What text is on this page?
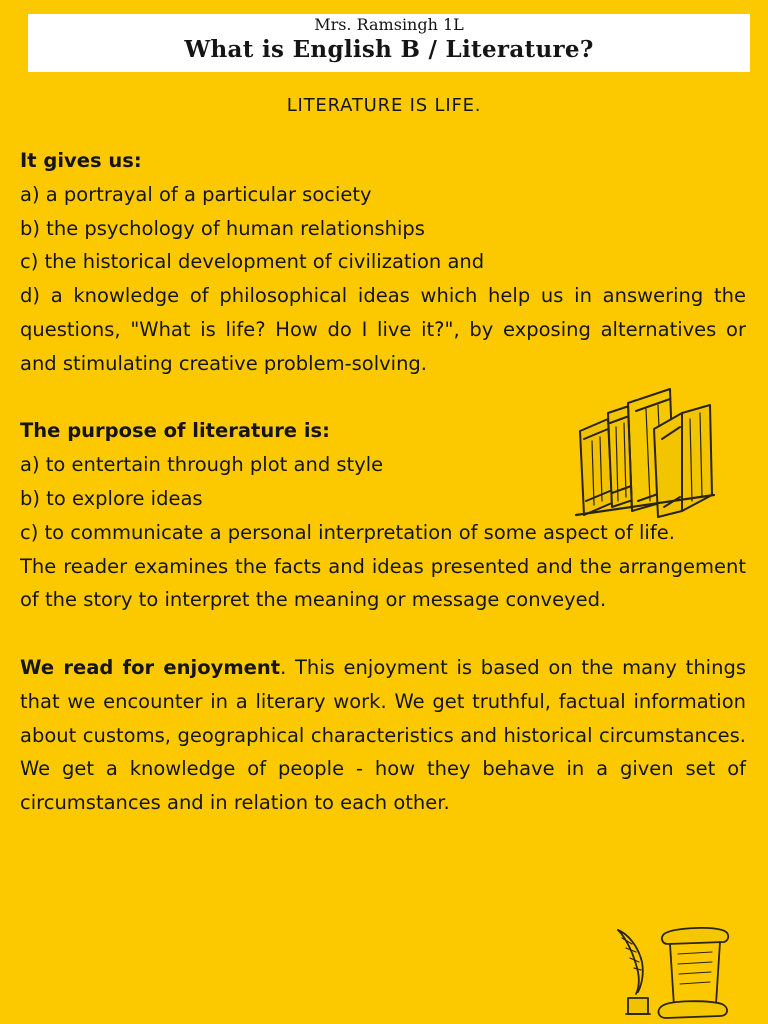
Mrs. Ramsingh 1L
What is English B / Literature?
LITERATURE IS LIFE.

It gives us:

a) a portrayal of a particular society

b) the psychology of human relationships

c) the historical development of civilization and

d) a knowledge of philosophical ideas which help us in answering the questions, "What is life? How do I live it?", by exposing alternatives or and stimulating creative problem-solving.

The purpose of literature is:

a) to entertain through plot and style

b) to explore ideas

c) to communicate a personal interpretation of some aspect of life.

The reader examines the facts and ideas presented and the arrangement of the story to interpret the meaning or message conveyed.

We read for enjoyment. This enjoyment is based on the many things that we encounter in a literary work. We get truthful, factual information about customs, geographical characteristics and historical circumstances. We get a knowledge of people - how they behave in a given set of circumstances and in relation to each other.
